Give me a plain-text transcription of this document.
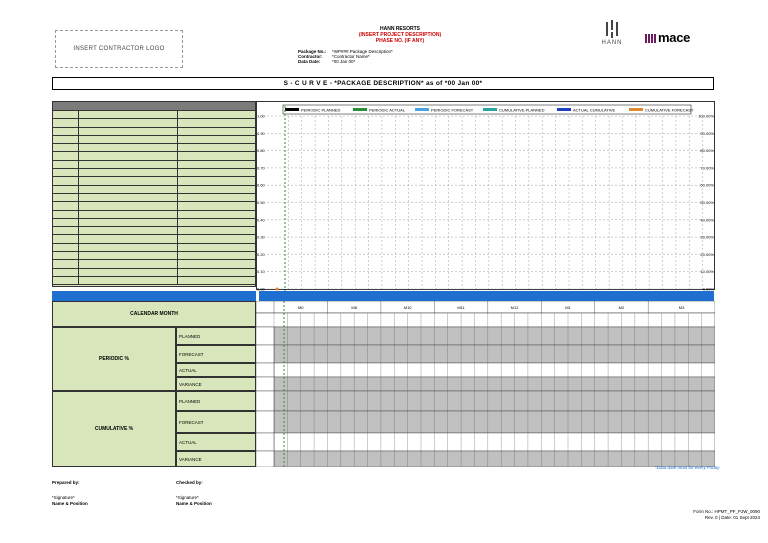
INSERT CONTRACTOR LOGO
HANN RESORTS
(INSERT PROJECT DESCRIPTION)
PHASE NO. (IF ANY)
Package No.: *WP###.Package Description*
Contractor: *Contractor Name*
Data Date:	*00 Jan 00*
HANN	mace
S - C U R V E - *PACKAGE DESCRIPTION* as of *00 Jan 00*
PERIODIC PLANNED	PERIODIC ACTUAL	PERIODIC FORECAST	CUMULATIVE PLANNED	ACTUAL CUMULATIVE	CUMULATIVE FORECAST
1.00	100.00%
0.90	90.00%
0.80	80.00%
0.70	70.00%
0.60	60.00%
0.50	50.00%
0.40	40.00%
0.30	30.00%
0.20	20.00%
0.10	10.00%
0.00	0.00%
CALENDAR MONTH
PERIODIC %
PLANNED
FORECAST
ACTUAL
VARIANCE
CUMULATIVE %
PLANNED
FORECAST
ACTUAL
VARIANCE
M0	M8	M10	M11	M12	M1	M2	M3
*Data date must be every Friday
Prepared by:
*Signature*
Name & Position
Checked by:
*Signature*
Name & Position
Form No.: HPMT_PF_PJW_0090
Rev. 0 | Date: 01 Sept 2024
